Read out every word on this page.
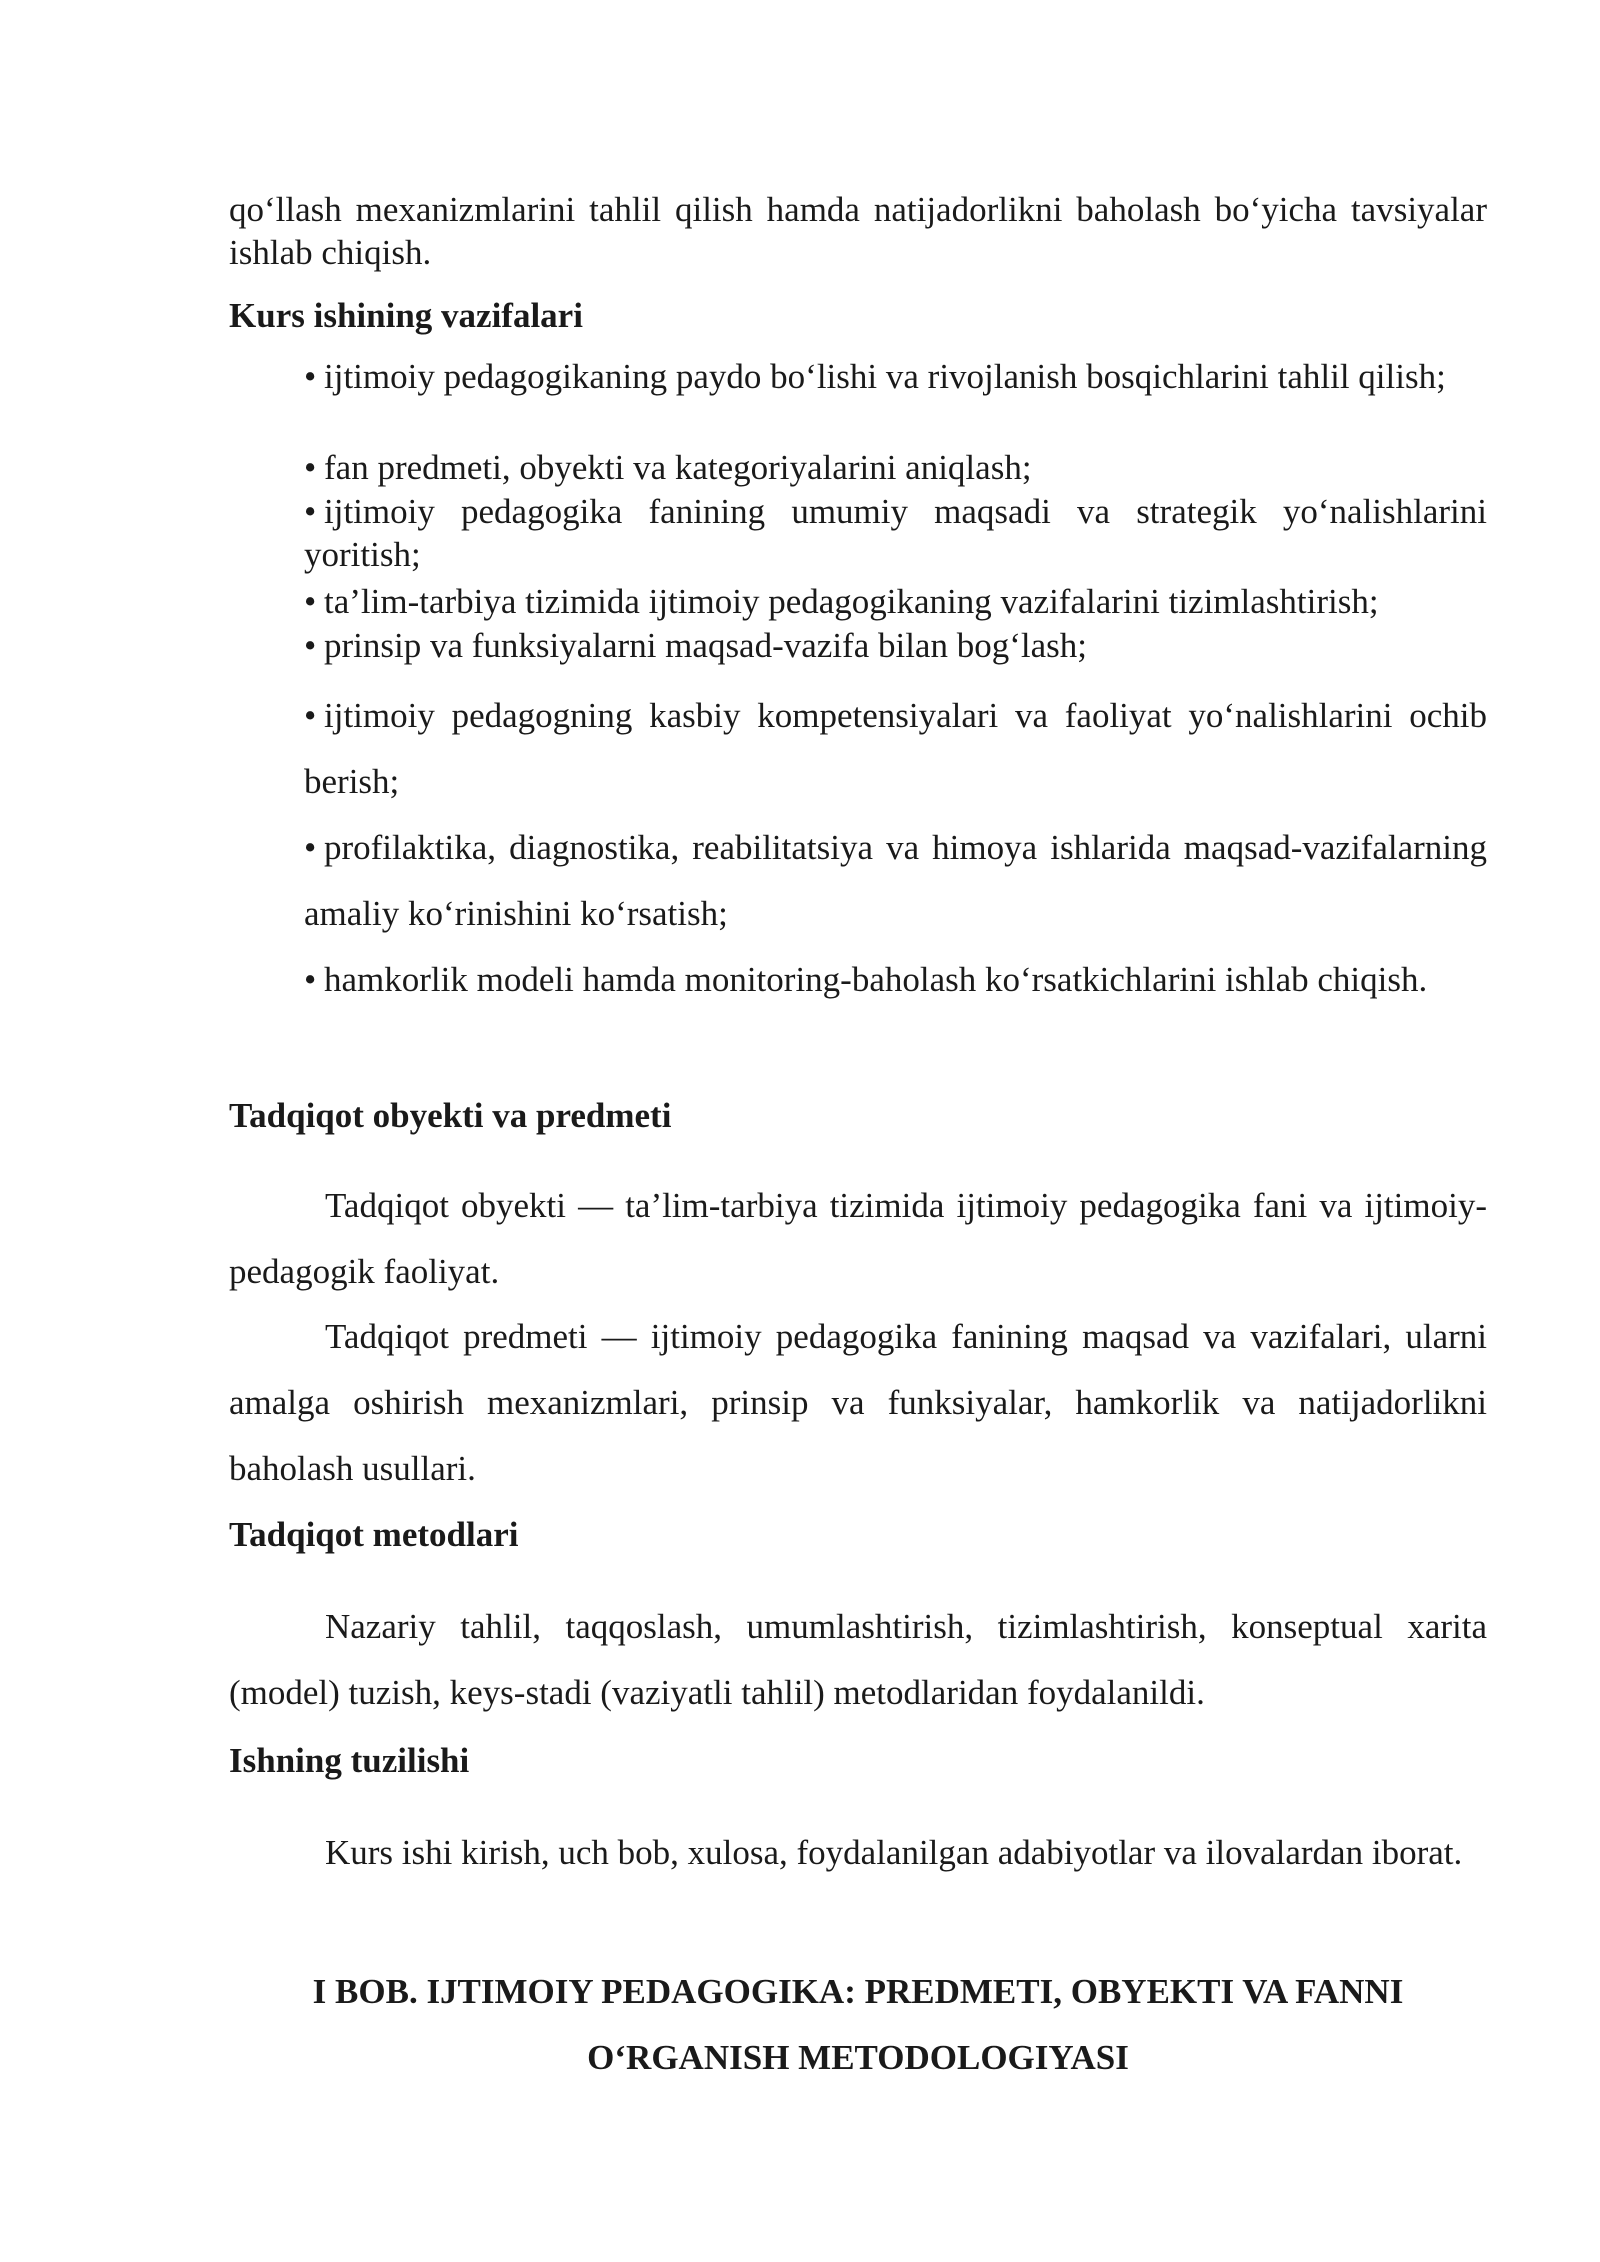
qo‘llash mexanizmlarini tahlil qilish hamda natijadorlikni baholash bo‘yicha tavsiyalar ishlab chiqish.
Kurs ishining vazifalari
• ijtimoiy pedagogikaning paydo bo‘lishi va rivojlanish bosqichlarini tahlil qilish;
• fan predmeti, obyekti va kategoriyalarini aniqlash;
• ijtimoiy pedagogika fanining umumiy maqsadi va strategik yo‘nalishlarini yoritish;
• ta’lim-tarbiya tizimida ijtimoiy pedagogikaning vazifalarini tizimlashtirish;
• prinsip va funksiyalarni maqsad-vazifa bilan bog‘lash;
• ijtimoiy pedagogning kasbiy kompetensiyalari va faoliyat yo‘nalishlarini ochib berish;
• profilaktika, diagnostika, reabilitatsiya va himoya ishlarida maqsad-vazifalarning amaliy ko‘rinishini ko‘rsatish;
• hamkorlik modeli hamda monitoring-baholash ko‘rsatkichlarini ishlab chiqish.
Tadqiqot obyekti va predmeti
Tadqiqot obyekti — ta’lim-tarbiya tizimida ijtimoiy pedagogika fani va ijtimoiy-pedagogik faoliyat.
Tadqiqot predmeti — ijtimoiy pedagogika fanining maqsad va vazifalari, ularni amalga oshirish mexanizmlari, prinsip va funksiyalar, hamkorlik va natijadorlikni baholash usullari.
Tadqiqot metodlari
Nazariy tahlil, taqqoslash, umumlashtirish, tizimlashtirish, konseptual xarita (model) tuzish, keys-stadi (vaziyatli tahlil) metodlaridan foydalanildi.
Ishning tuzilishi
Kurs ishi kirish, uch bob, xulosa, foydalanilgan adabiyotlar va ilovalardan iborat.
I BOB. IJTIMOIY PEDAGOGIKA: PREDMETI, OBYEKTI VA FANNI
O‘RGANISH METODOLOGIYASI
